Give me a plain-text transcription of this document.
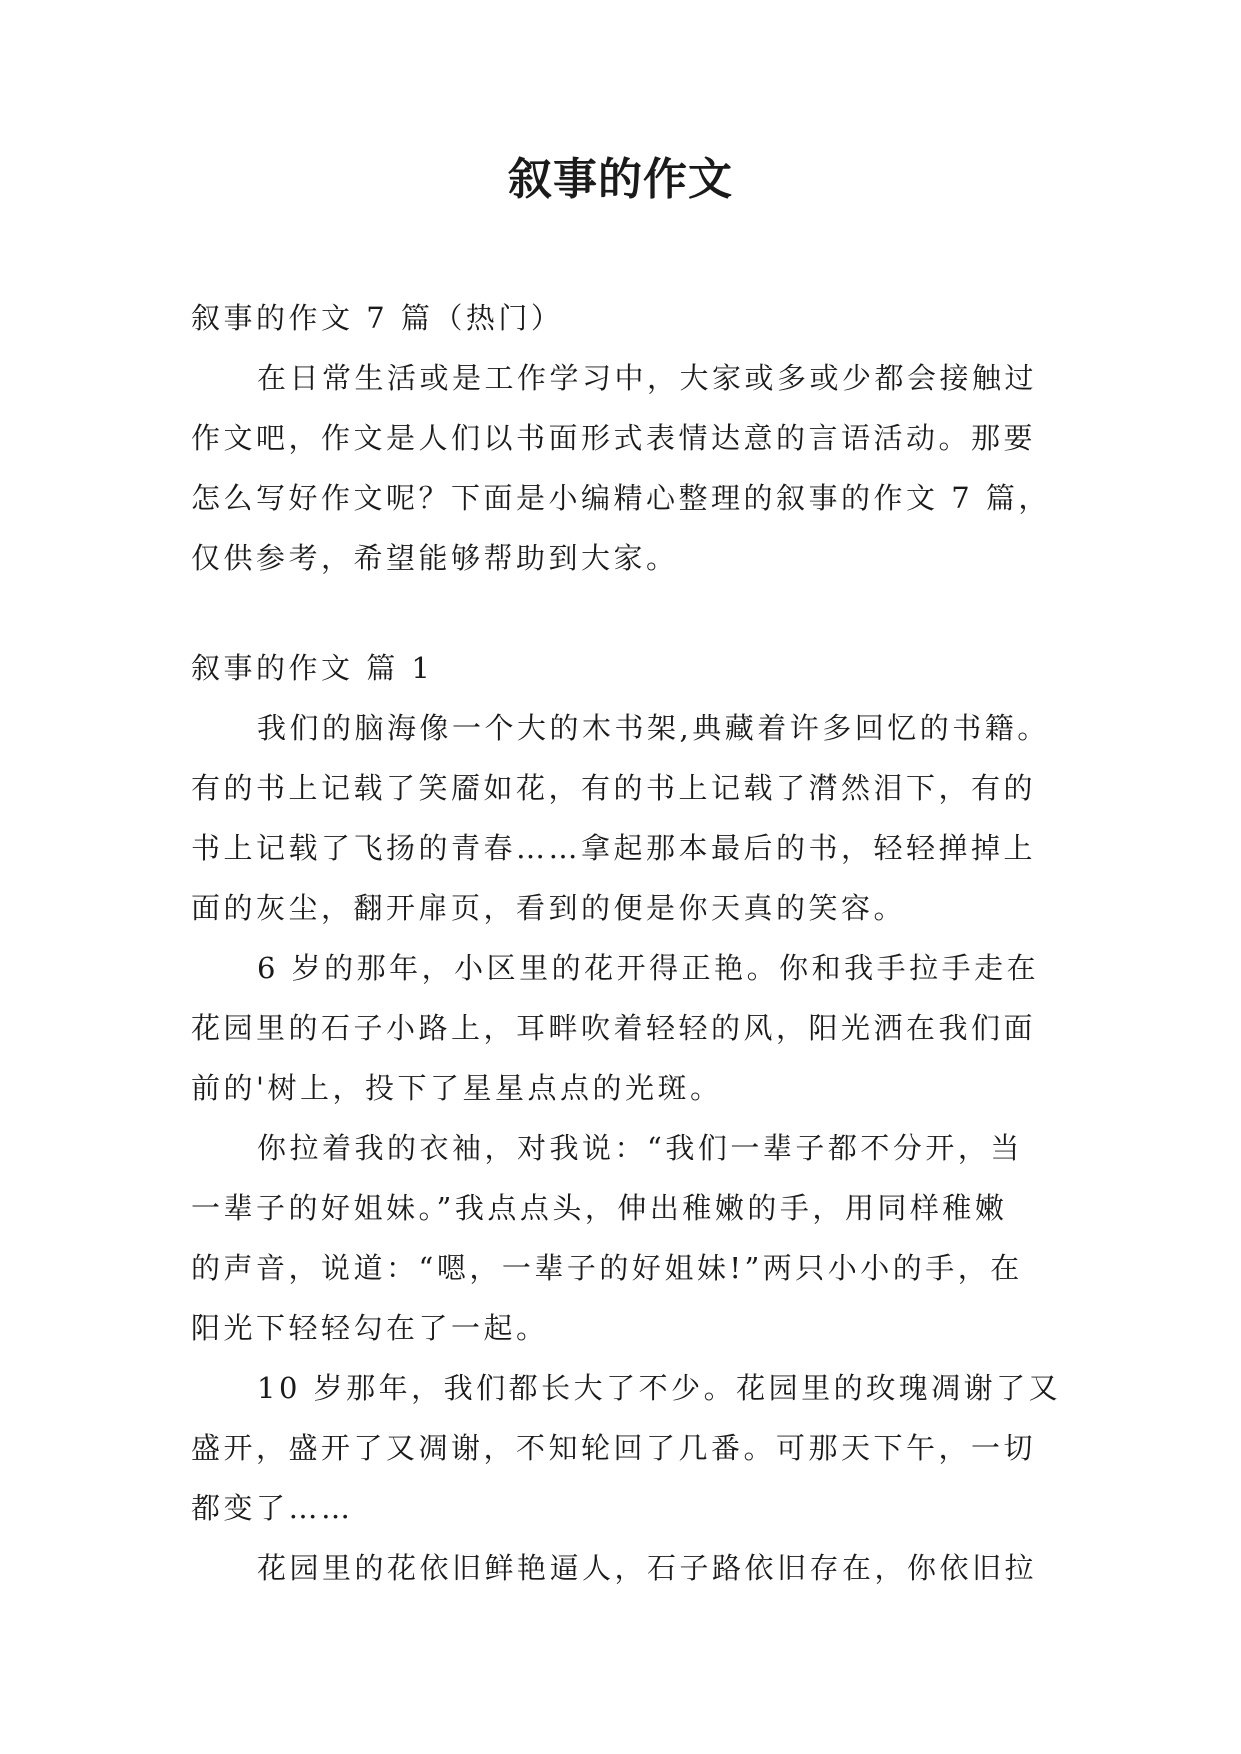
叙事的作文

叙事的作文 7 篇（热门）

在日常生活或是工作学习中，大家或多或少都会接触过

作文吧，作文是人们以书面形式表情达意的言语活动。那要

怎么写好作文呢？下面是小编精心整理的叙事的作文 7 篇，

仅供参考，希望能够帮助到大家。

叙事的作文 篇 1

我们的脑海像一个大的木书架,典藏着许多回忆的书籍。

有的书上记载了笑靥如花，有的书上记载了潸然泪下，有的

书上记载了飞扬的青春……拿起那本最后的书，轻轻掸掉上

面的灰尘，翻开扉页，看到的便是你天真的笑容。

6 岁的那年，小区里的花开得正艳。你和我手拉手走在

花园里的石子小路上，耳畔吹着轻轻的风，阳光洒在我们面

前的'树上，投下了星星点点的光斑。

你拉着我的衣袖，对我说：“我们一辈子都不分开，当

一辈子的好姐妹。”我点点头，伸出稚嫩的手，用同样稚嫩

的声音，说道：“嗯，一辈子的好姐妹!”两只小小的手，在

阳光下轻轻勾在了一起。

10 岁那年，我们都长大了不少。花园里的玫瑰凋谢了又

盛开，盛开了又凋谢，不知轮回了几番。可那天下午，一切

都变了……

花园里的花依旧鲜艳逼人，石子路依旧存在，你依旧拉
